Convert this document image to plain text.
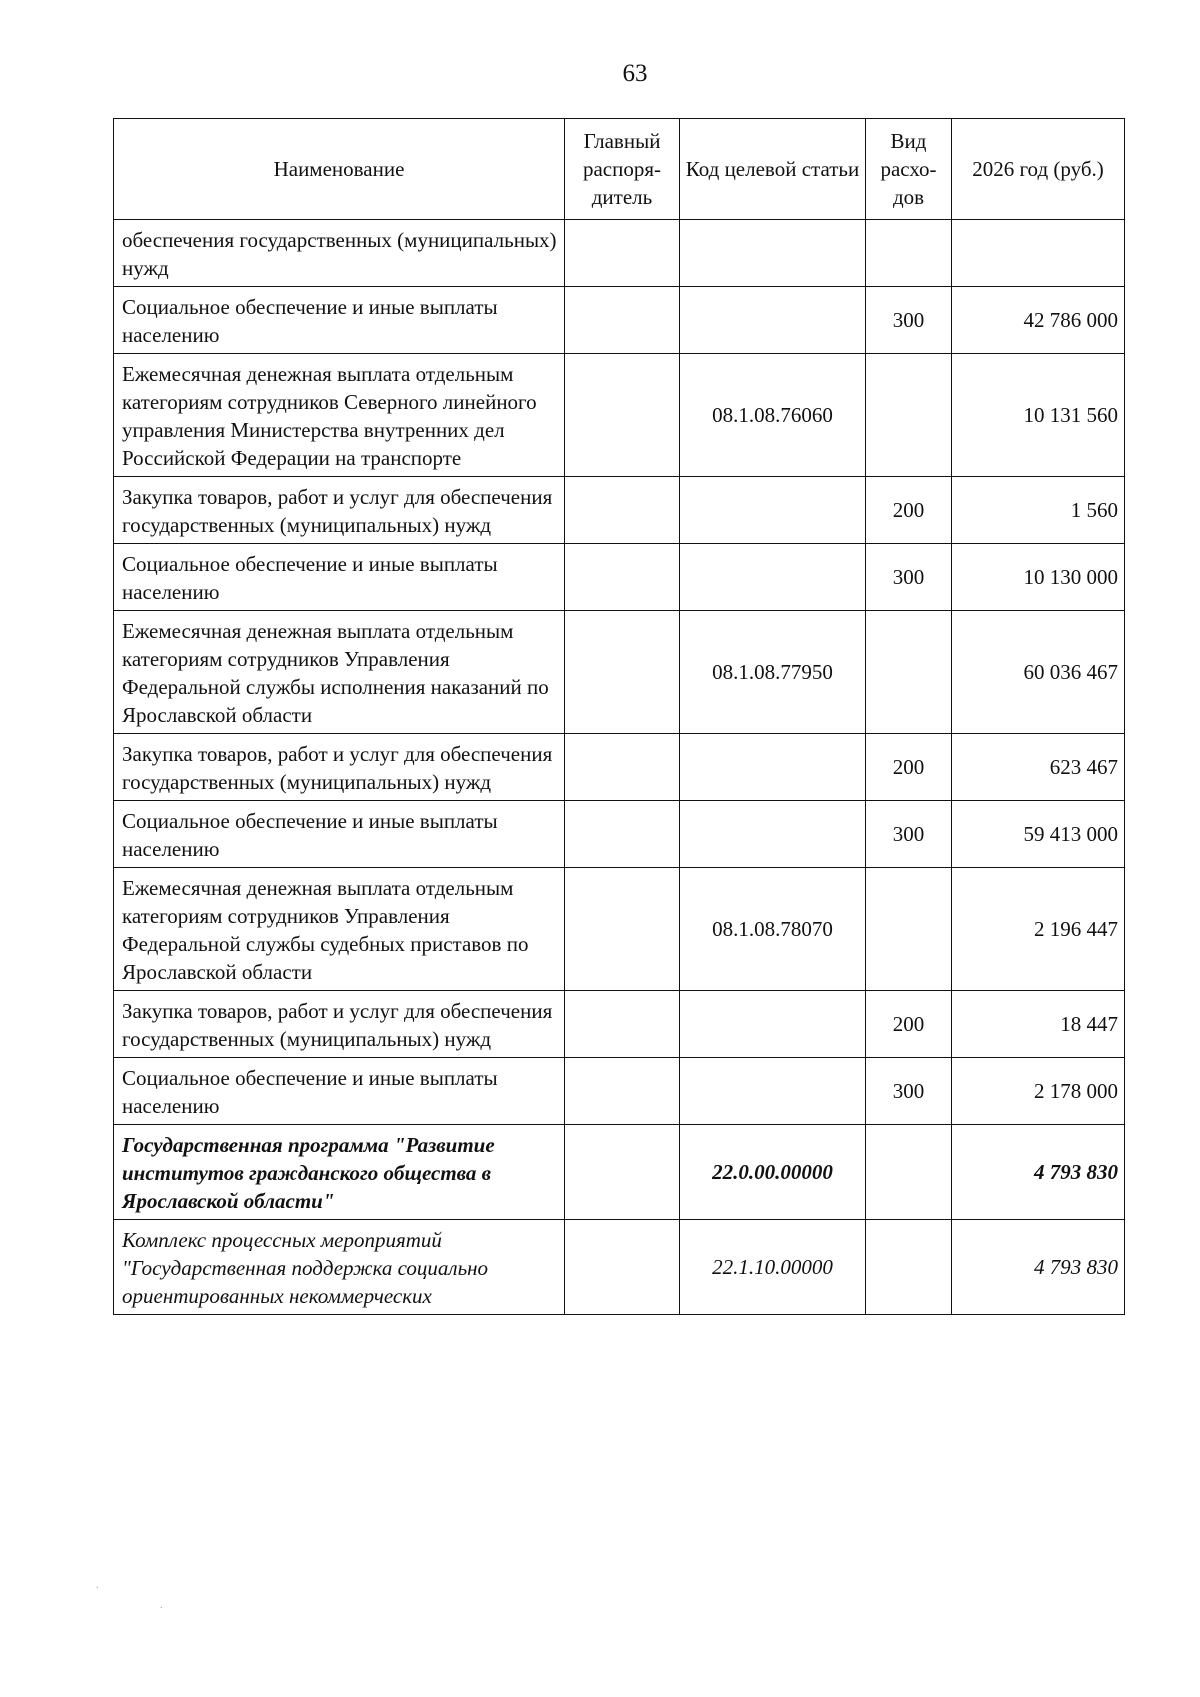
63
Наименование	Главный распоря-дитель	Код целевой статьи	Вид расхо-дов	2026 год (руб.)
обеспечения государственных (муниципальных) нужд				
Социальное обеспечение и иные выплаты населению			300	42 786 000
Ежемесячная денежная выплата отдельным категориям сотрудников Северного линейного управления Министерства внутренних дел Российской Федерации на транспорте		08.1.08.76060		10 131 560
Закупка товаров, работ и услуг для обеспечения государственных (муниципальных) нужд			200	1 560
Социальное обеспечение и иные выплаты населению			300	10 130 000
Ежемесячная денежная выплата отдельным категориям сотрудников Управления Федеральной службы исполнения наказаний по Ярославской области		08.1.08.77950		60 036 467
Закупка товаров, работ и услуг для обеспечения государственных (муниципальных) нужд			200	623 467
Социальное обеспечение и иные выплаты населению			300	59 413 000
Ежемесячная денежная выплата отдельным категориям сотрудников Управления Федеральной службы судебных приставов по Ярославской области		08.1.08.78070		2 196 447
Закупка товаров, работ и услуг для обеспечения государственных (муниципальных) нужд			200	18 447
Социальное обеспечение и иные выплаты населению			300	2 178 000
Государственная программа "Развитие институтов гражданского общества в Ярославской области"		22.0.00.00000		4 793 830
Комплекс процессных мероприятий "Государственная поддержка социально ориентированных некоммерческих		22.1.10.00000		4 793 830
.
.
